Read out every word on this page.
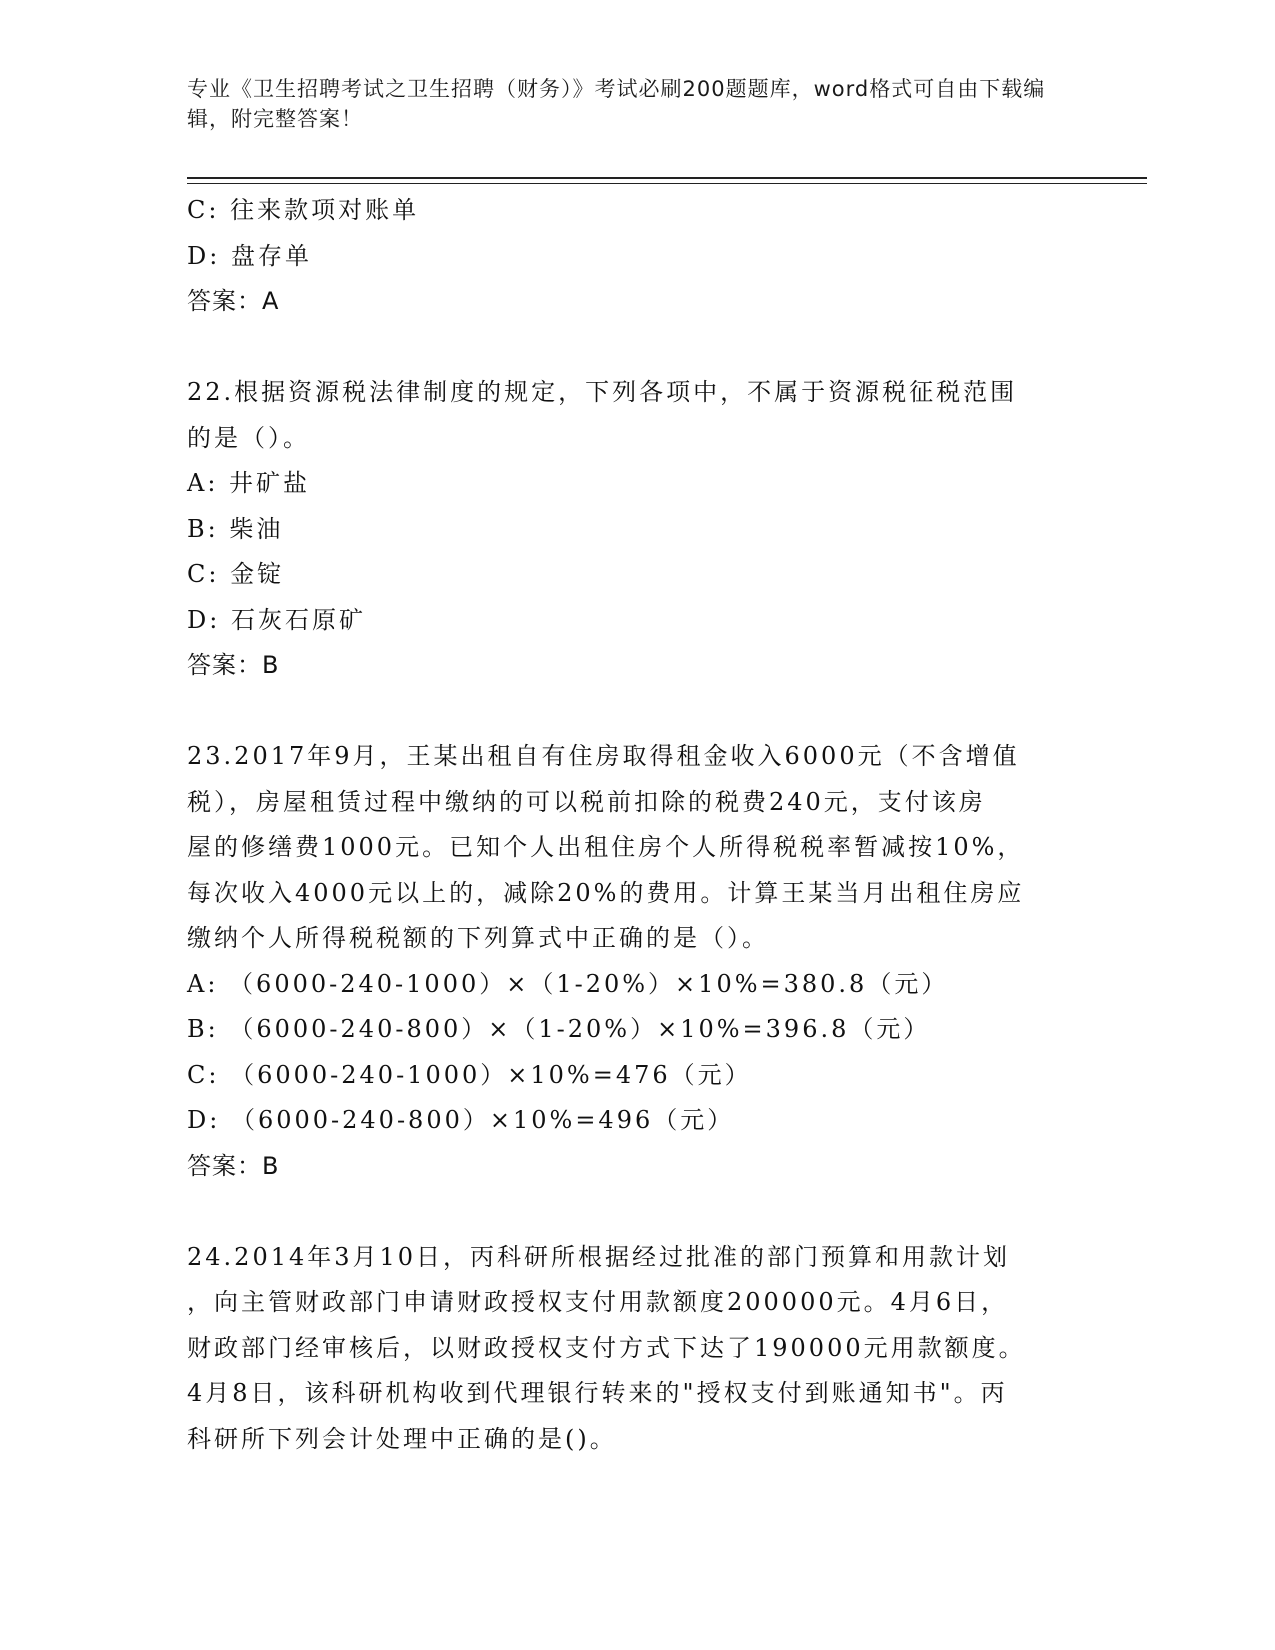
专业《卫生招聘考试之卫生招聘（财务）》考试必刷200题题库，word格式可自由下载编辑，附完整答案！
C: 往来款项对账单
D: 盘存单
答案：A
22.根据资源税法律制度的规定，下列各项中，不属于资源税征税范围
的是（）。
A: 井矿盐
B: 柴油
C: 金锭
D: 石灰石原矿
答案：B
23.2017年9月，王某出租自有住房取得租金收入6000元（不含增值
税），房屋租赁过程中缴纳的可以税前扣除的税费240元，支付该房
屋的修缮费1000元。已知个人出租住房个人所得税税率暂减按10%，
每次收入4000元以上的，减除20%的费用。计算王某当月出租住房应
缴纳个人所得税税额的下列算式中正确的是（）。
A: （6000-240-1000）×（1-20%）×10%=380.8（元）
B: （6000-240-800）×（1-20%）×10%=396.8（元）
C: （6000-240-1000）×10%=476（元）
D: （6000-240-800）×10%=496（元）
答案：B
24.2014年3月10日，丙科研所根据经过批准的部门预算和用款计划
，向主管财政部门申请财政授权支付用款额度200000元。4月6日，
财政部门经审核后，以财政授权支付方式下达了190000元用款额度。
4月8日，该科研机构收到代理银行转来的"授权支付到账通知书"。丙
科研所下列会计处理中正确的是()。
